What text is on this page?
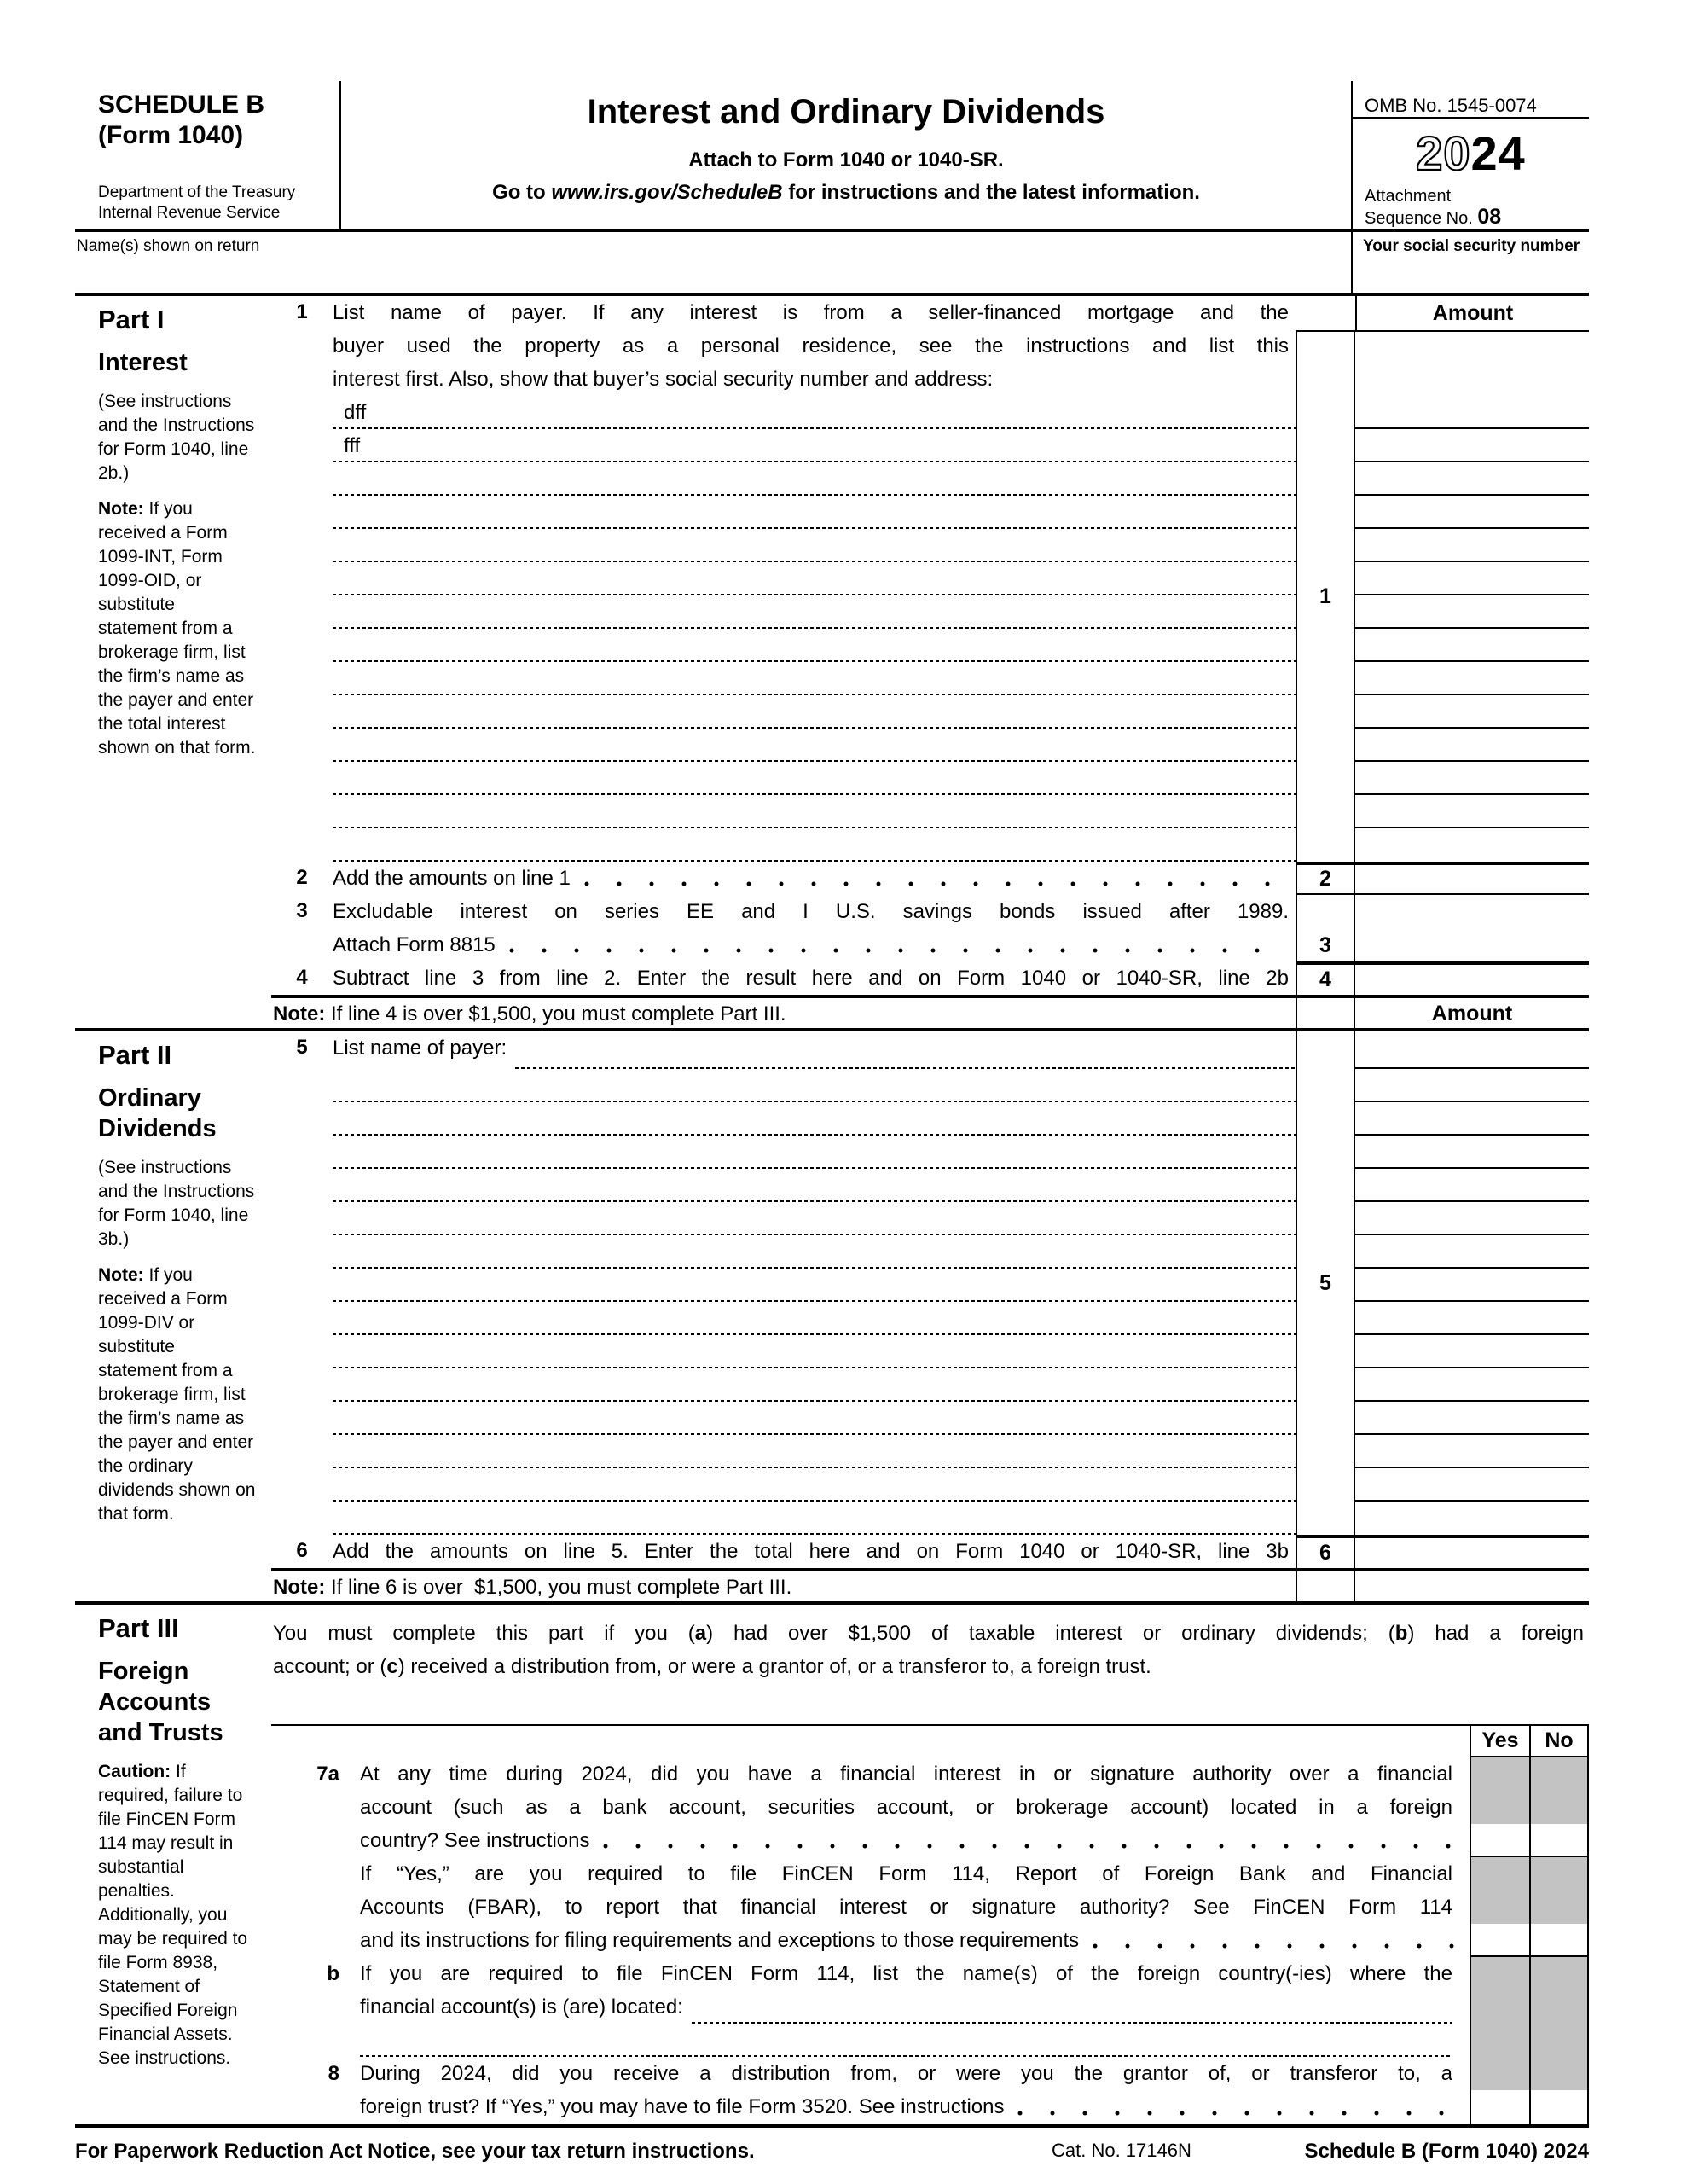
SCHEDULE B
(Form 1040)
Department of the Treasury
Internal Revenue Service
Interest and Ordinary Dividends
Attach to Form 1040 or 1040-SR.
Go to www.irs.gov/ScheduleB for instructions and the latest information.
OMB No. 1545-0074
2024
Attachment
Sequence No. 08
Name(s) shown on return	Your social security number
Part I
Interest
(See instructions and the Instructions for Form 1040, line 2b.)
Note: If you received a Form 1099-INT, Form 1099-OID, or substitute statement from a brokerage firm, list the firm’s name as the payer and enter the total interest shown on that form.
1	List name of payer. If any interest is from a seller-financed mortgage and the
buyer used the property as a personal residence, see the instructions and list this
interest first. Also, show that buyer’s social security number and address:
dff
fff
Amount
1
2	Add the amounts on line 1	2
3	Excludable interest on series EE and I U.S. savings bonds issued after 1989.
Attach Form 8815	3
4	Subtract line 3 from line 2. Enter the result here and on Form 1040 or 1040-SR, line 2b	4
Note: If line 4 is over $1,500, you must complete Part III.	Amount
Part II
Ordinary
Dividends
(See instructions and the Instructions for Form 1040, line 3b.)
Note: If you received a Form 1099-DIV or substitute statement from a brokerage firm, list the firm’s name as the payer and enter the ordinary dividends shown on that form.
5	List name of payer:
5
6	Add the amounts on line 5. Enter the total here and on Form 1040 or 1040-SR, line 3b	6
Note: If line 6 is over  $1,500, you must complete Part III.
Part III
Foreign
Accounts
and Trusts
Caution: If required, failure to file FinCEN Form 114 may result in substantial penalties. Additionally, you may be required to file Form 8938, Statement of Specified Foreign Financial Assets. See instructions.
You must complete this part if you (a) had over $1,500 of taxable interest or ordinary dividends; (b) had a foreign
account; or (c) received a distribution from, or were a grantor of, or a transferor to, a foreign trust.
Yes	No
7a	At any time during 2024, did you have a financial interest in or signature authority over a financial
account (such as a bank account, securities account, or brokerage account) located in a foreign
country? See instructions
If “Yes,” are you required to file FinCEN Form 114, Report of Foreign Bank and Financial
Accounts (FBAR), to report that financial interest or signature authority? See FinCEN Form 114
and its instructions for filing requirements and exceptions to those requirements
b	If you are required to file FinCEN Form 114, list the name(s) of the foreign country(-ies) where the
financial account(s) is (are) located:
8	During 2024, did you receive a distribution from, or were you the grantor of, or transferor to, a
foreign trust? If “Yes,” you may have to file Form 3520. See instructions
For Paperwork Reduction Act Notice, see your tax return instructions.	Cat. No. 17146N	Schedule B (Form 1040) 2024
